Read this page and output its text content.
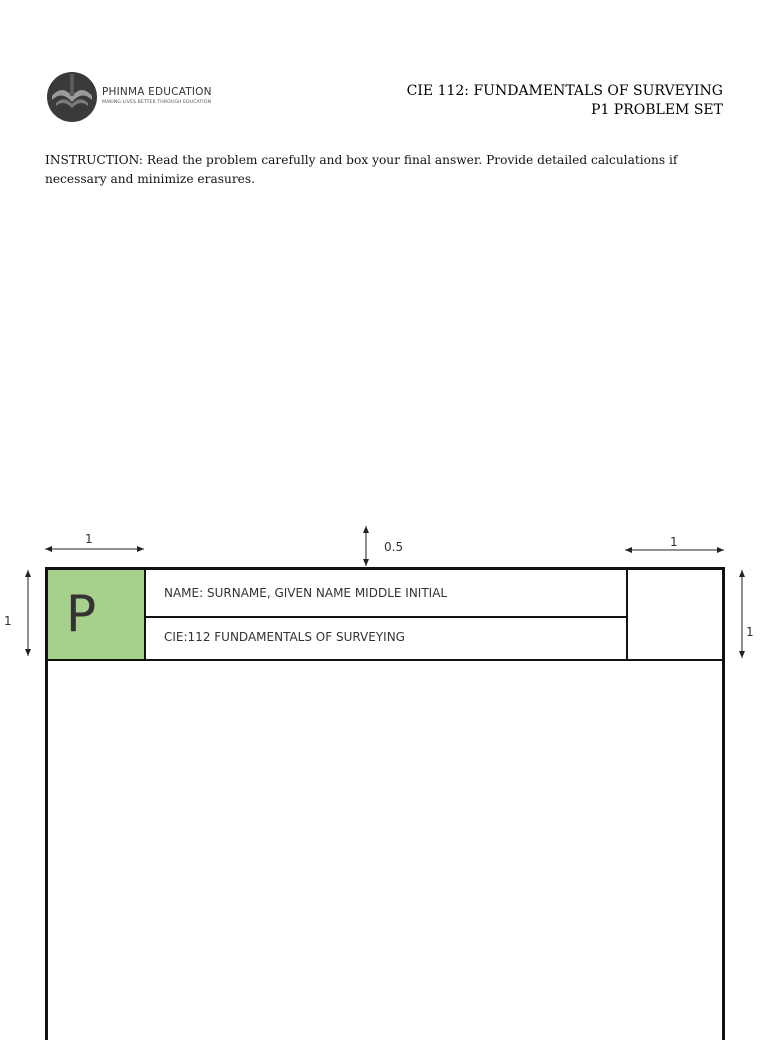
PHINMA EDUCATION
MAKING LIVES BETTER THROUGH EDUCATION
CIE 112: FUNDAMENTALS OF SURVEYING
P1 PROBLEM SET
INSTRUCTION: Read the problem carefully and box your final answer. Provide detailed calculations if necessary and minimize erasures.
1
0.5	1
1
1
P	NAME: SURNAME, GIVEN NAME MIDDLE INITIAL
CIE:112 FUNDAMENTALS OF SURVEYING
